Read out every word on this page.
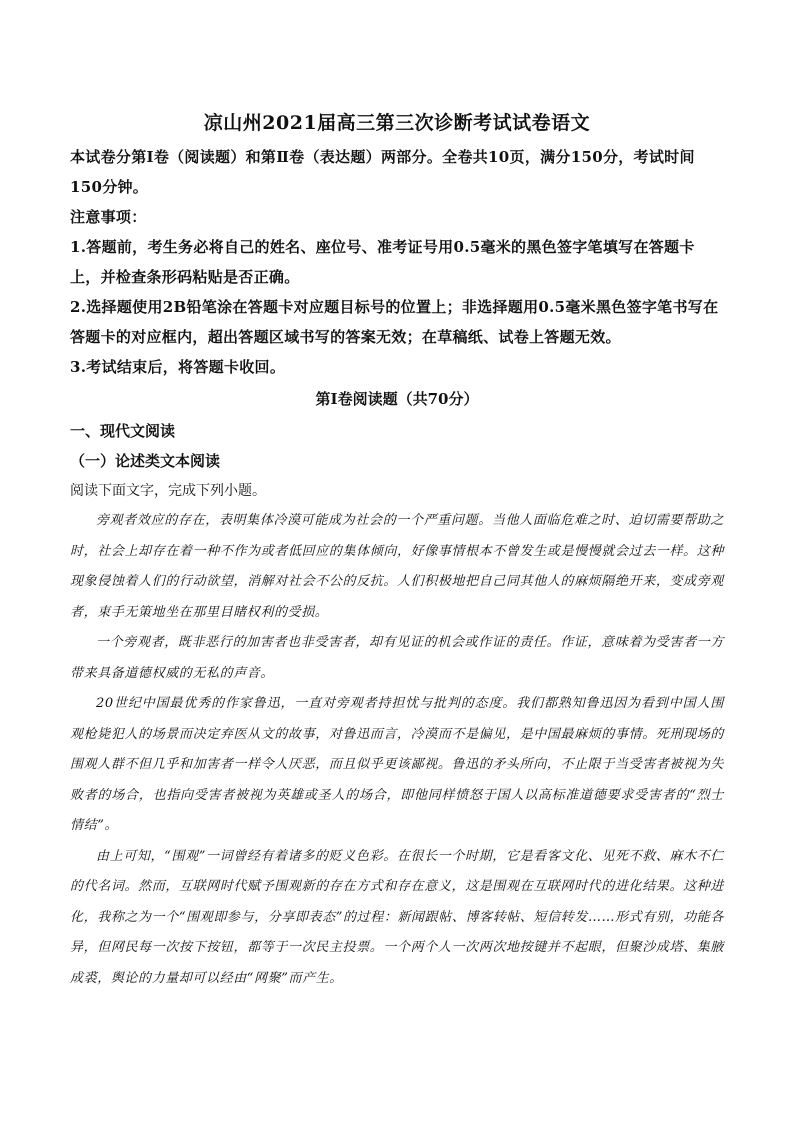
凉山州2021届高三第三次诊断考试试卷语文

本试卷分第Ⅰ卷（阅读题）和第Ⅱ卷（表达题）两部分。全卷共10页，满分150分，考试时间150分钟。

注意事项：

1.答题前，考生务必将自己的姓名、座位号、准考证号用0.5毫米的黑色签字笔填写在答题卡上，并检查条形码粘贴是否正确。

2.选择题使用2B铅笔涂在答题卡对应题目标号的位置上；非选择题用0.5毫米黑色签字笔书写在答题卡的对应框内，超出答题区域书写的答案无效；在草稿纸、试卷上答题无效。

3.考试结束后，将答题卡收回。

第Ⅰ卷阅读题（共70分）

一、现代文阅读

（一）论述类文本阅读

阅读下面文字，完成下列小题。

旁观者效应的存在，表明集体冷漠可能成为社会的一个严重问题。当他人面临危难之时、迫切需要帮助之时，社会上却存在着一种不作为或者低回应的集体倾向，好像事情根本不曾发生或是慢慢就会过去一样。这种现象侵蚀着人们的行动欲望，消解对社会不公的反抗。人们积极地把自己同其他人的麻烦隔绝开来，变成旁观者，束手无策地坐在那里目睹权利的受损。

一个旁观者，既非恶行的加害者也非受害者，却有见证的机会或作证的责任。作证，意味着为受害者一方带来具备道德权威的无私的声音。

20世纪中国最优秀的作家鲁迅，一直对旁观者持担忧与批判的态度。我们都熟知鲁迅因为看到中国人围观枪毙犯人的场景而决定弃医从文的故事，对鲁迅而言，冷漠而不是偏见，是中国最麻烦的事情。死刑现场的围观人群不但几乎和加害者一样令人厌恶，而且似乎更该鄙视。鲁迅的矛头所向，不止限于当受害者被视为失败者的场合，也指向受害者被视为英雄或圣人的场合，即他同样愤怒于国人以高标准道德要求受害者的“烈士情结”。

由上可知，“围观”一词曾经有着诸多的贬义色彩。在很长一个时期，它是看客文化、见死不救、麻木不仁的代名词。然而，互联网时代赋予围观新的存在方式和存在意义，这是围观在互联网时代的进化结果。这种进化，我称之为一个“围观即参与，分享即表态”的过程：新闻跟帖、博客转帖、短信转发……形式有别，功能各异，但网民每一次按下按钮，都等于一次民主投票。一个两个人一次两次地按键并不起眼，但聚沙成塔、集腋成裘，舆论的力量却可以经由“网聚”而产生。
